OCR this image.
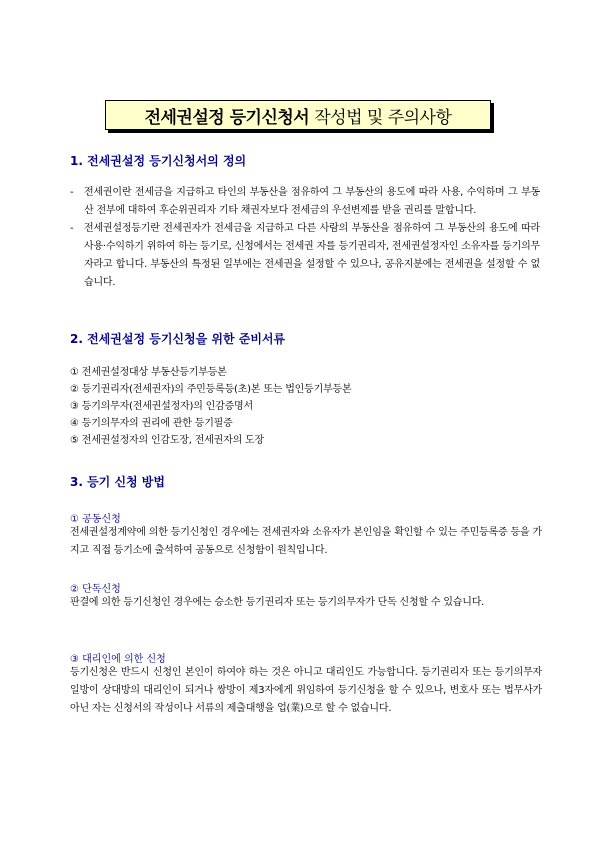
전세권설정 등기신청서 작성법 및 주의사항
1. 전세권설정 등기신청서의 정의
- 전세권이란 전세금을 지급하고 타인의 부동산을 점유하여 그 부동산의 용도에 따라 사용, 수익하며 그 부동산 전부에 대하여 후순위권리자 기타 채권자보다 전세금의 우선변제를 받을 권리를 말합니다.
- 전세권설정등기란 전세권자가 전세금을 지급하고 다른 사람의 부동산을 점유하여 그 부동산의 용도에 따라 사용·수익하기 위하여 하는 등기로, 신청에서는 전세권 자를 등기권리자, 전세권설정자인 소유자를 등기의무자라고 합니다. 부동산의 특정된 일부에는 전세권을 설정할 수 있으나, 공유지분에는 전세권을 설정할 수 없습니다.
2. 전세권설정 등기신청을 위한 준비서류
① 전세권설정대상 부동산등기부등본
② 등기권리자(전세권자)의 주민등록등(초)본 또는 법인등기부등본
③ 등기의무자(전세권설정자)의 인감증명서
④ 등기의무자의 권리에 관한 등기필증
⑤ 전세권설정자의 인감도장, 전세권자의 도장
3. 등기 신청 방법
① 공동신청
전세권설정계약에 의한 등기신청인 경우에는 전세권자와 소유자가 본인임을 확인할 수 있는 주민등록증 등을 가지고 직접 등기소에 출석하여 공동으로 신청함이 원칙입니다.
② 단독신청
판결에 의한 등기신청인 경우에는 승소한 등기권리자 또는 등기의무자가 단독 신청할 수 있습니다.
③ 대리인에 의한 신청
등기신청은 반드시 신청인 본인이 하여야 하는 것은 아니고 대리인도 가능합니다. 등기권리자 또는 등기의무자 일방이 상대방의 대리인이 되거나 쌍방이 제3자에게 위임하여 등기신청을 할 수 있으나, 변호사 또는 법무사가 아닌 자는 신청서의 작성이나 서류의 제출대행을 업(業)으로 할 수 없습니다.
